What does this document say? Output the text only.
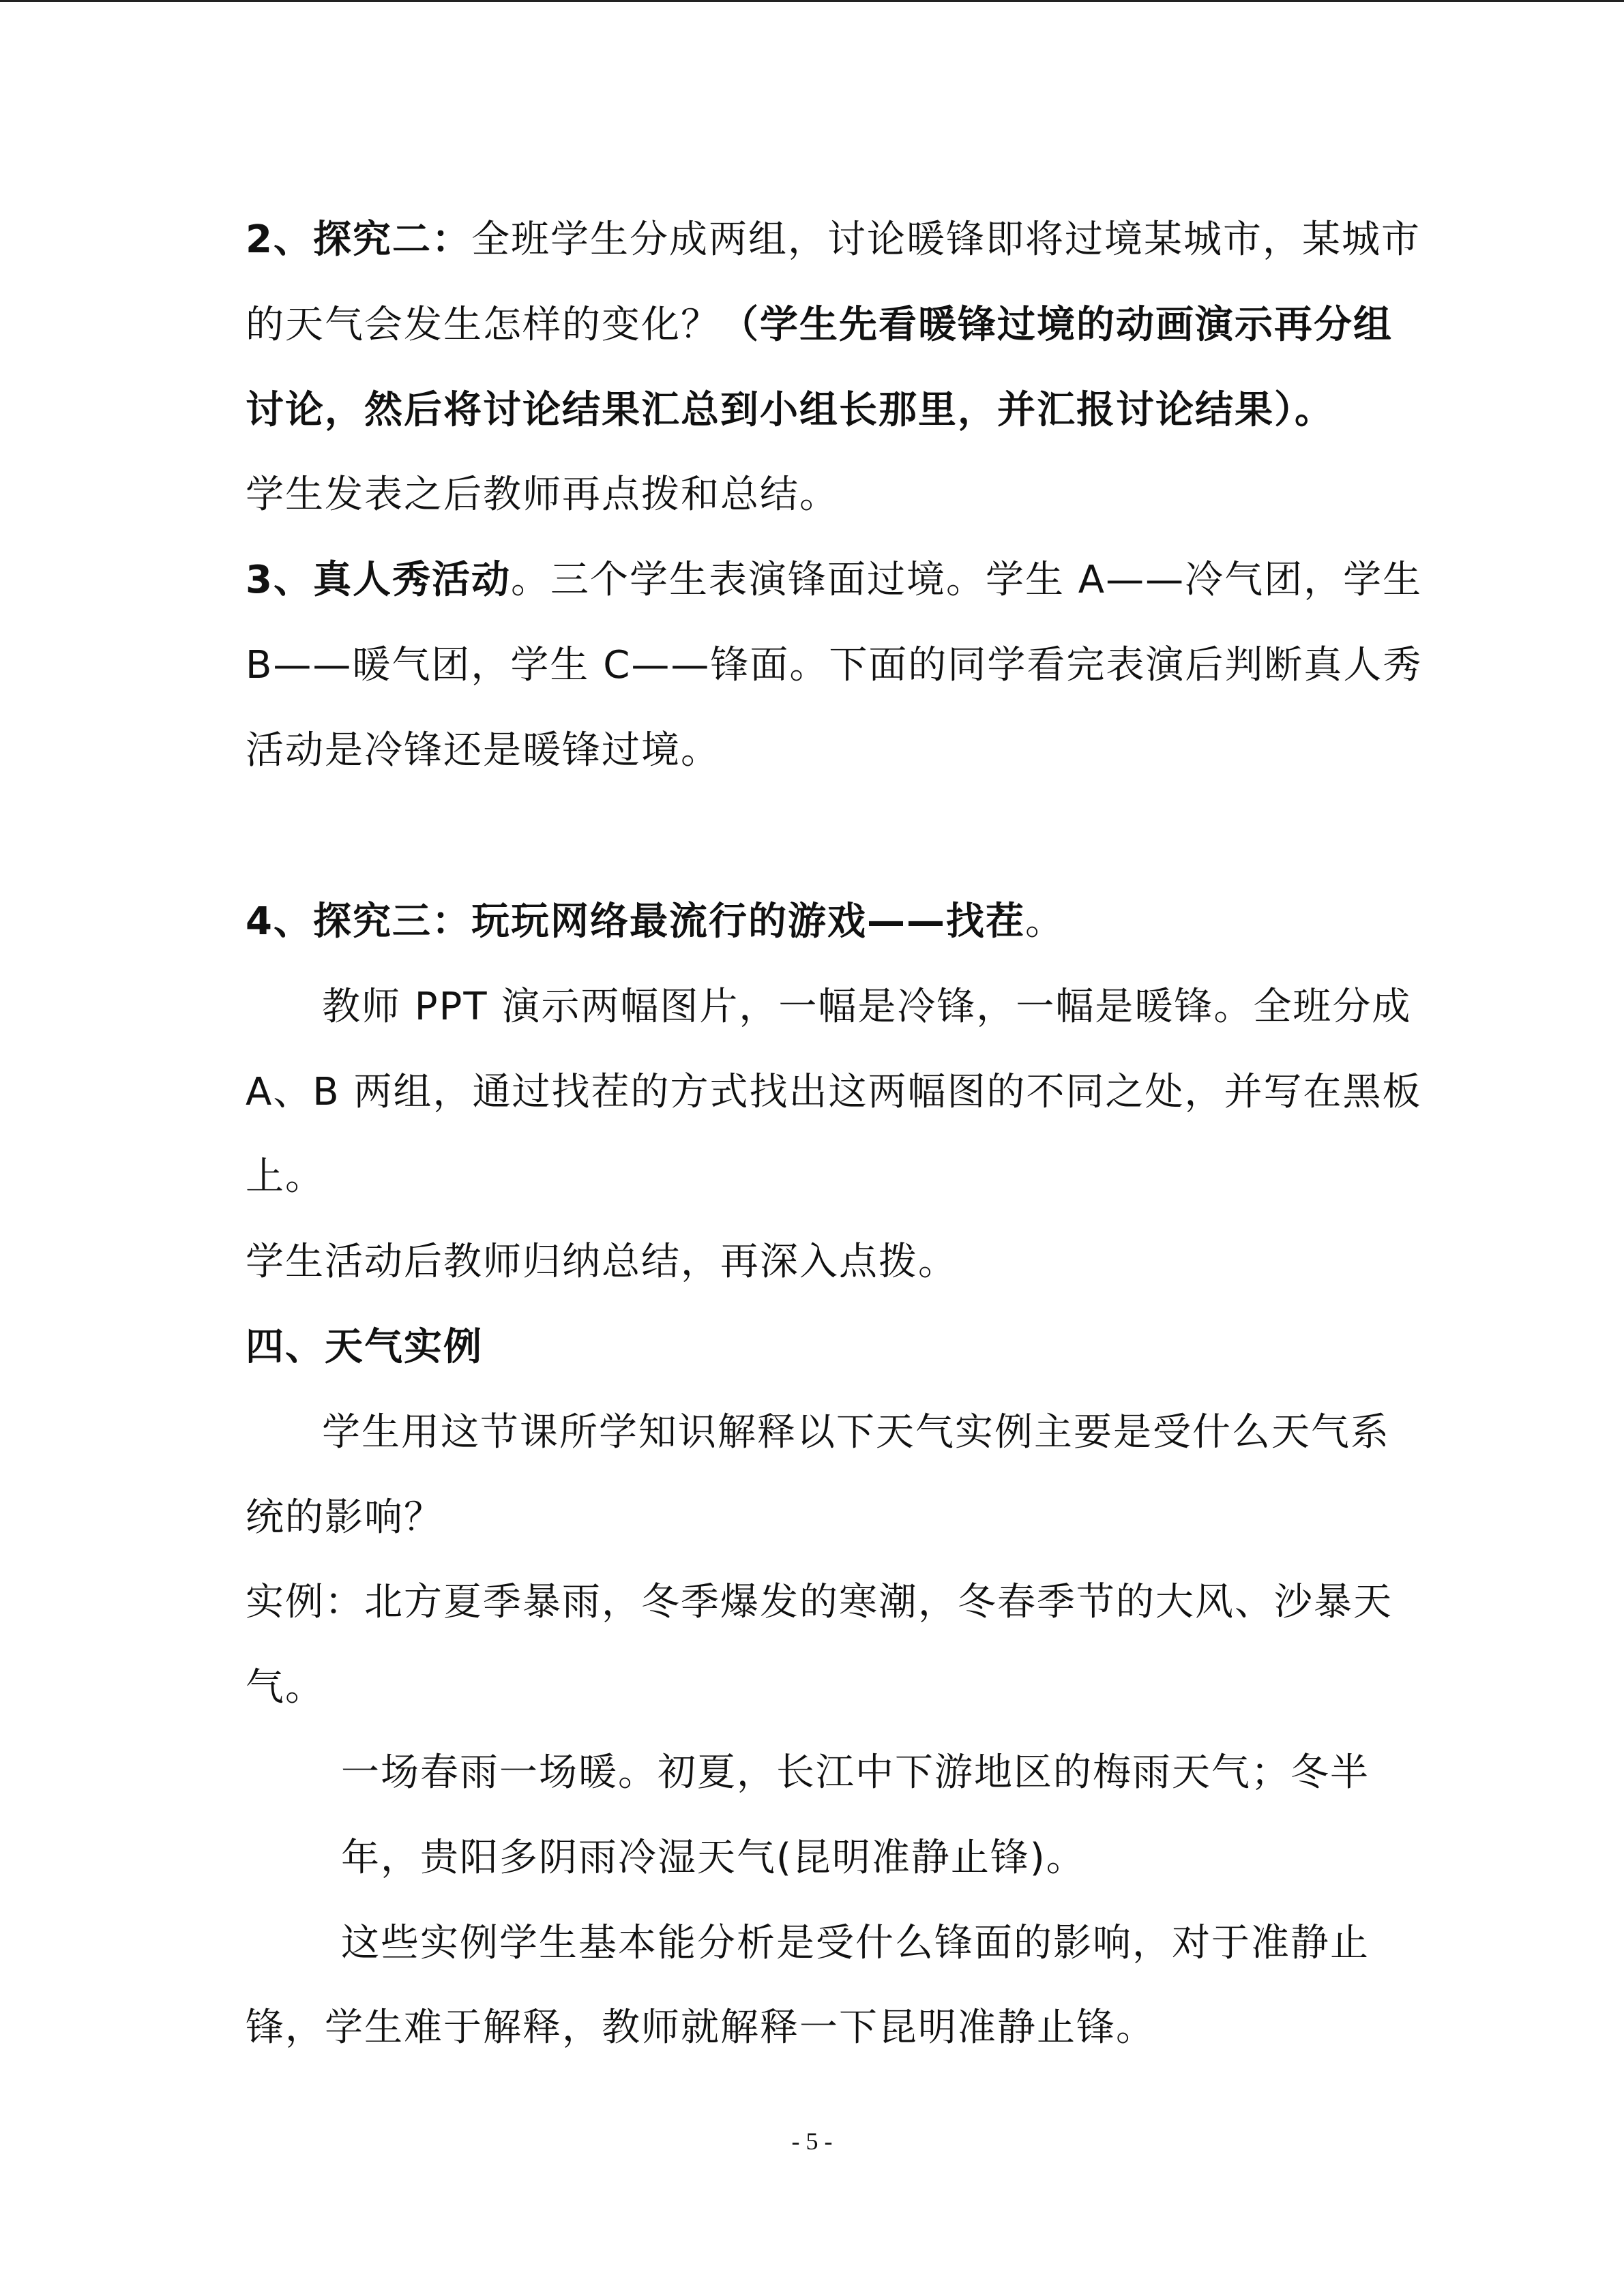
2、探究二：全班学生分成两组，讨论暖锋即将过境某城市，某城市
的天气会发生怎样的变化？（学生先看暖锋过境的动画演示再分组
讨论，然后将讨论结果汇总到小组长那里，并汇报讨论结果）。
学生发表之后教师再点拨和总结。
3、真人秀活动。三个学生表演锋面过境。学生 A——冷气团，学生
B——暖气团，学生 C——锋面。下面的同学看完表演后判断真人秀
活动是冷锋还是暖锋过境。
4、探究三：玩玩网络最流行的游戏——找茬。
教师 PPT 演示两幅图片，一幅是冷锋，一幅是暖锋。全班分成
A、B 两组，通过找茬的方式找出这两幅图的不同之处，并写在黑板
上。
学生活动后教师归纳总结，再深入点拨。
四、天气实例
学生用这节课所学知识解释以下天气实例主要是受什么天气系
统的影响？
实例：北方夏季暴雨，冬季爆发的寒潮，冬春季节的大风、沙暴天
气。
一场春雨一场暖。初夏，长江中下游地区的梅雨天气；冬半
年，贵阳多阴雨冷湿天气(昆明准静止锋)。
这些实例学生基本能分析是受什么锋面的影响，对于准静止
锋，学生难于解释，教师就解释一下昆明准静止锋。
- 5 -
